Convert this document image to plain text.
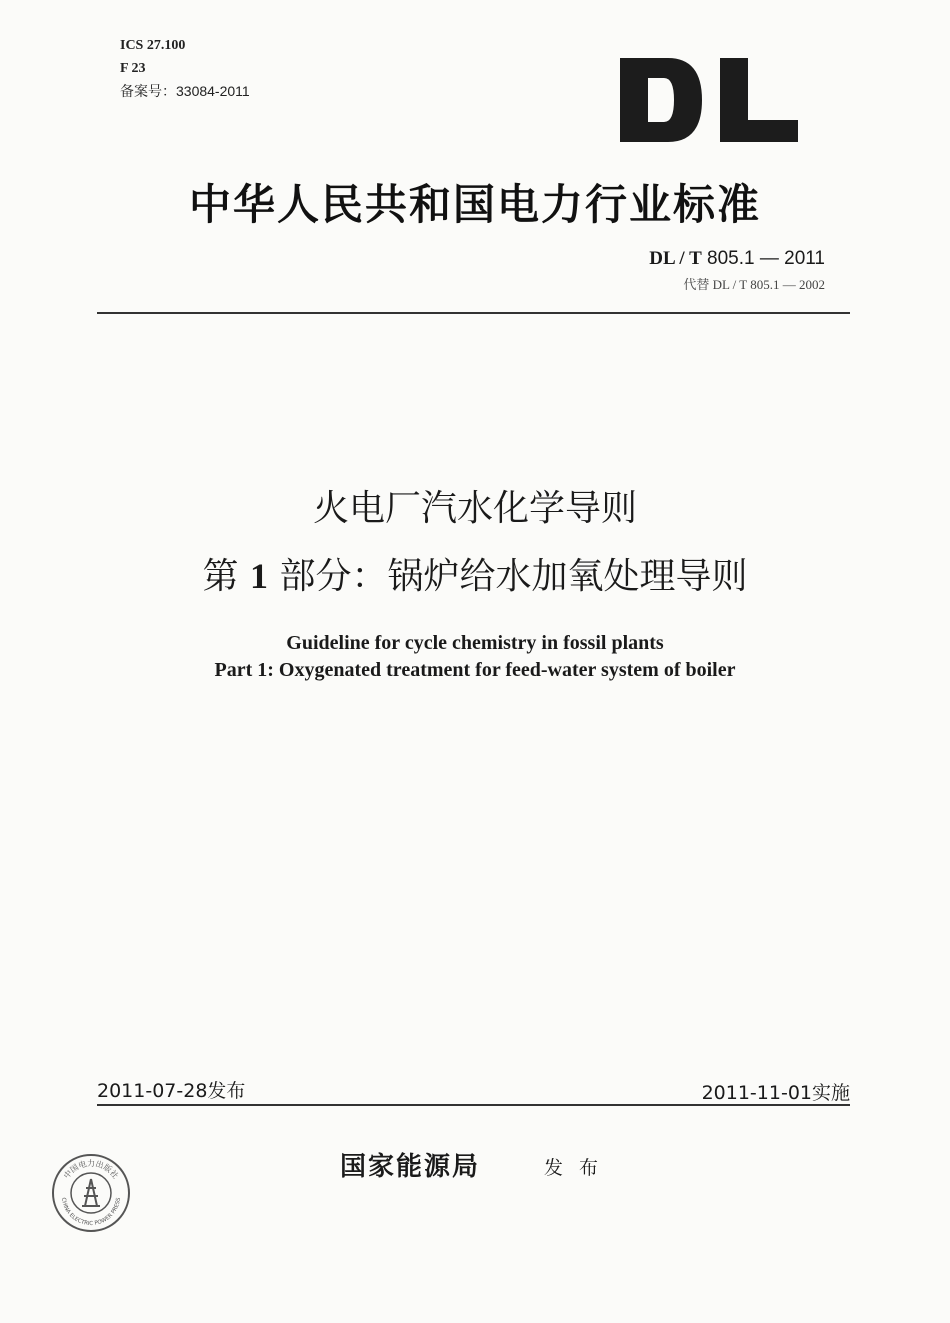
ICS 27.100
F 23
备案号：33084-2011
中华人民共和国电力行业标准
DL / T 805.1 — 2011
代替 DL / T 805.1 — 2002
火电厂汽水化学导则
第 1 部分：锅炉给水加氧处理导则
Guideline for cycle chemistry in fossil plants
Part 1: Oxygenated treatment for feed-water system of boiler
2011-07-28发布	2011-11-01实施
国家能源局	发布
中国电力出版社
CHINA ELECTRIC POWER PRESS
